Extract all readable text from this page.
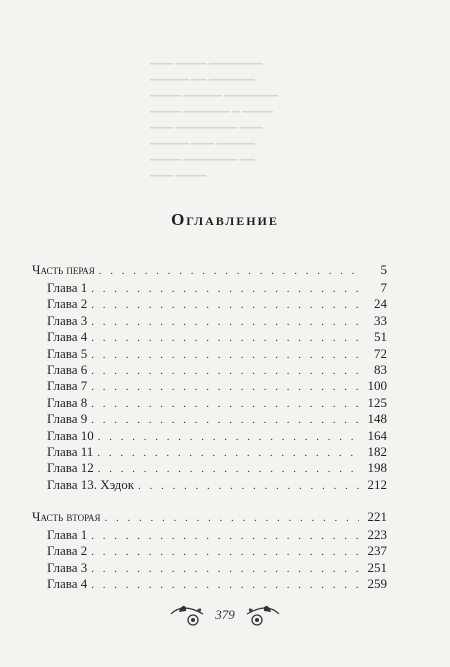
▁▁▁ ▁▁▁▁ ▁▁▁▁▁▁▁
▁▁▁▁▁ ▁▁ ▁▁▁▁▁▁
▁▁▁▁ ▁▁▁▁▁ ▁▁▁▁▁▁▁
▁▁▁▁ ▁▁▁▁▁▁ ▁ ▁▁▁▁
▁▁▁ ▁▁▁▁▁▁▁▁ ▁▁▁
▁▁▁▁▁ ▁▁▁ ▁▁▁▁▁
▁▁▁▁ ▁▁▁▁▁▁▁ ▁▁
▁▁▁ ▁▁▁▁
Оглавление
Часть перая . . .	5
Глава 1 . . .	7
Глава 2 . . .	24
Глава 3 . . .	33
Глава 4 . . .	51
Глава 5 . . .	72
Глава 6 . . .	83
Глава 7 . . .	100
Глава 8 . . .	125
Глава 9 . . .	148
Глава 10 . . .	164
Глава 11 . . .	182
Глава 12 . . .	198
Глава 13. Хэдок . . .	212
Часть вторая . . .	221
Глава 1 . . .	223
Глава 2 . . .	237
Глава 3 . . .	251
Глава 4 . . .	259
379
